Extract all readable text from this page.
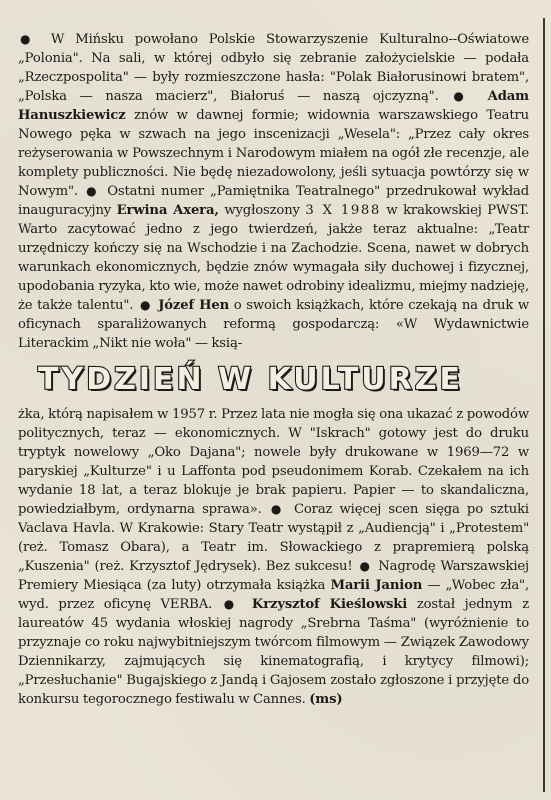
● W Mińsku powołano Polskie Stowarzyszenie Kulturalno--Oświatowe „Polonia". Na sali, w której odbyło się zebranie założycielskie — podała „Rzeczpospolita" — były rozmieszczone hasła: "Polak Białorusinowi bratem", „Polska — nasza macierz", Białoruś — naszą ojczyzną". ● Adam Hanuszkiewicz znów w dawnej formie; widownia warszawskiego Teatru Nowego pęka w szwach na jego inscenizacji „Wesela": „Przez cały okres reżyserowania w Powszechnym i Narodowym miałem na ogół złe recenzje, ale komplety publiczności. Nie będę niezadowolony, jeśli sytuacja powtórzy się w Nowym". ● Ostatni numer „Pamiętnika Teatralnego" przedrukował wykład inauguracyjny Erwina Axera, wygłoszony 3 X 1988 w krakowskiej PWST. Warto zacytować jedno z jego twierdzeń, jakże teraz aktualne: „Teatr urzędniczy kończy się na Wschodzie i na Zachodzie. Scena, nawet w dobrych warunkach ekonomicznych, będzie znów wymagała siły duchowej i fizycznej, upodobania ryzyka, kto wie, może nawet odrobiny idealizmu, miejmy nadzieję, że także talentu". ● Józef Hen o swoich książkach, które czekają na druk w oficynach sparaliżowanych reformą gospodarczą: «W Wydawnictwie Literackim „Nikt nie woła" — ksią-

TYDZIEŃ W KULTURZE

żka, którą napisałem w 1957 r. Przez lata nie mogła się ona ukazać z powodów politycznych, teraz — ekonomicznych. W "Iskrach" gotowy jest do druku tryptyk nowelowy „Oko Dajana"; nowele były drukowane w 1969—72 w paryskiej „Kulturze" i u Laffonta pod pseudonimem Korab. Czekałem na ich wydanie 18 lat, a teraz blokuje je brak papieru. Papier — to skandaliczna, powiedziałbym, ordynarna sprawa». ● Coraz więcej scen sięga po sztuki Vaclava Havla. W Krakowie: Stary Teatr wystąpił z „Audiencją" i „Protestem" (reż. Tomasz Obara), a Teatr im. Słowackiego z prapremierą polską „Kuszenia" (reż. Krzysztof Jędrysek). Bez sukcesu! ● Nagrodę Warszawskiej Premiery Miesiąca (za luty) otrzymała książka Marii Janion — „Wobec zła", wyd. przez oficynę VERBA. ● Krzysztof Kieślowski został jednym z laureatów 45 wydania włoskiej nagrody „Srebrna Taśma" (wyróżnienie to przyznaje co roku najwybitniejszym twórcom filmowym — Związek Zawodowy Dziennikarzy, zajmujących się kinematografią, i krytycy filmowi); „Przesłuchanie" Bugajskiego z Jandą i Gajosem zostało zgłoszone i przyjęte do konkursu tegorocznego festiwalu w Cannes. (ms)
